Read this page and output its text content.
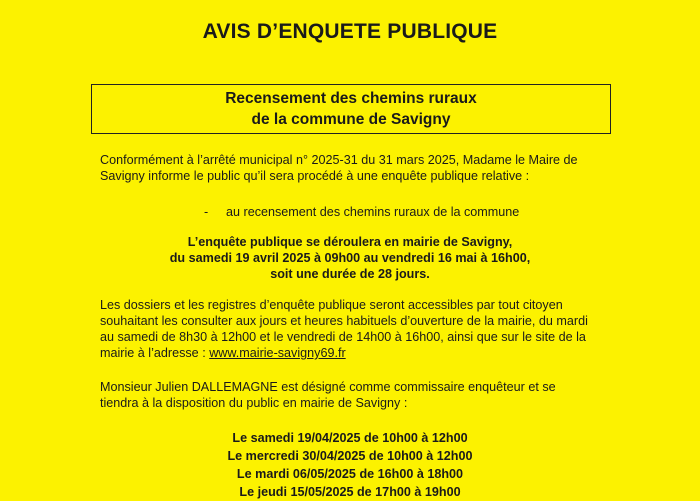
AVIS D’ENQUETE PUBLIQUE
Recensement des chemins ruraux
de la commune de Savigny
Conformément à l’arrêté municipal n° 2025-31 du 31 mars 2025, Madame le Maire de
Savigny informe le public qu’il sera procédé à une enquête publique relative :
- au recensement des chemins ruraux de la commune
L’enquête publique se déroulera en mairie de Savigny,
du samedi 19 avril 2025 à 09h00 au vendredi 16 mai à 16h00,
soit une durée de 28 jours.
Les dossiers et les registres d’enquête publique seront accessibles par tout citoyen
souhaitant les consulter aux jours et heures habituels d’ouverture de la mairie, du mardi
au samedi de 8h30 à 12h00 et le vendredi de 14h00 à 16h00, ainsi que sur le site de la
mairie à l’adresse : www.mairie-savigny69.fr
Monsieur Julien DALLEMAGNE est désigné comme commissaire enquêteur et se
tiendra à la disposition du public en mairie de Savigny :
Le samedi 19/04/2025 de 10h00 à 12h00
Le mercredi 30/04/2025 de 10h00 à 12h00
Le mardi 06/05/2025 de 16h00 à 18h00
Le jeudi 15/05/2025 de 17h00 à 19h00
